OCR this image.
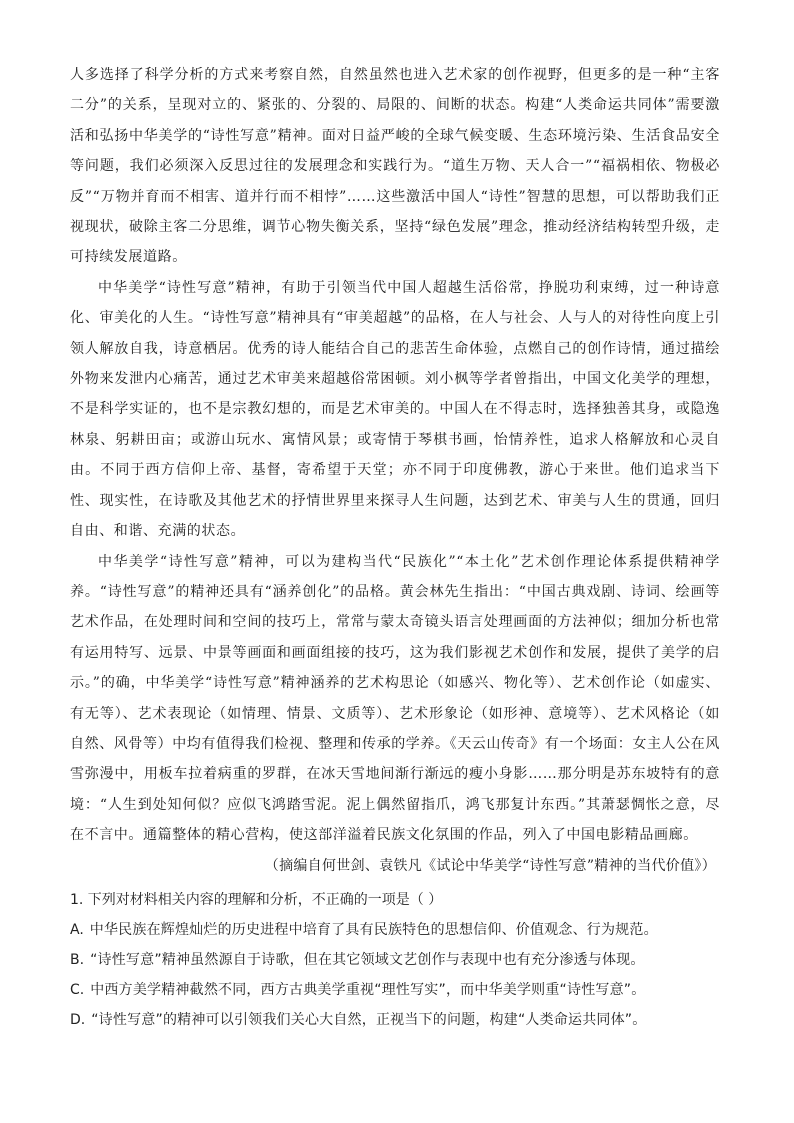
人多选择了科学分析的方式来考察自然，自然虽然也进入艺术家的创作视野，但更多的是一种“主客二分”的关系，呈现对立的、紧张的、分裂的、局限的、间断的状态。构建“人类命运共同体”需要激活和弘扬中华美学的“诗性写意”精神。面对日益严峻的全球气候变暖、生态环境污染、生活食品安全等问题，我们必须深入反思过往的发展理念和实践行为。“道生万物、天人合一”“福祸相依、物极必反”“万物并育而不相害、道并行而不相悖”……这些激活中国人“诗性”智慧的思想，可以帮助我们正视现状，破除主客二分思维，调节心物失衡关系，坚持“绿色发展”理念，推动经济结构转型升级，走可持续发展道路。

中华美学“诗性写意”精神，有助于引领当代中国人超越生活俗常，挣脱功利束缚，过一种诗意化、审美化的人生。“诗性写意”精神具有“审美超越”的品格，在人与社会、人与人的对待性向度上引领人解放自我，诗意栖居。优秀的诗人能结合自己的悲苦生命体验，点燃自己的创作诗情，通过描绘外物来发泄内心痛苦，通过艺术审美来超越俗常困顿。刘小枫等学者曾指出，中国文化美学的理想，不是科学实证的，也不是宗教幻想的，而是艺术审美的。中国人在不得志时，选择独善其身，或隐逸林泉、躬耕田亩；或游山玩水、寓情风景；或寄情于琴棋书画，怡情养性，追求人格解放和心灵自由。不同于西方信仰上帝、基督，寄希望于天堂；亦不同于印度佛教，游心于来世。他们追求当下性、现实性，在诗歌及其他艺术的抒情世界里来探寻人生问题，达到艺术、审美与人生的贯通，回归自由、和谐、充满的状态。

中华美学“诗性写意”精神，可以为建构当代“民族化”“本土化”艺术创作理论体系提供精神学养。“诗性写意”的精神还具有“涵养创化”的品格。黄会林先生指出：“中国古典戏剧、诗词、绘画等艺术作品，在处理时间和空间的技巧上，常常与蒙太奇镜头语言处理画面的方法神似；细加分析也常有运用特写、远景、中景等画面和画面组接的技巧，这为我们影视艺术创作和发展，提供了美学的启示。”的确，中华美学“诗性写意”精神涵养的艺术构思论（如感兴、物化等）、艺术创作论（如虚实、有无等）、艺术表现论（如情理、情景、文质等）、艺术形象论（如形神、意境等）、艺术风格论（如自然、风骨等）中均有值得我们检视、整理和传承的学养。《天云山传奇》有一个场面：女主人公在风雪弥漫中，用板车拉着病重的罗群，在冰天雪地间渐行渐远的瘦小身影……那分明是苏东坡特有的意境：“人生到处知何似？应似飞鸿踏雪泥。泥上偶然留指爪，鸿飞那复计东西。”其萧瑟惆怅之意，尽在不言中。通篇整体的精心营构，使这部洋溢着民族文化氛围的作品，列入了中国电影精品画廊。

（摘编自何世剑、袁铁凡《试论中华美学“诗性写意”精神的当代价值》）

1. 下列对材料相关内容的理解和分析，不正确的一项是（ ）

A. 中华民族在辉煌灿烂的历史进程中培育了具有民族特色的思想信仰、价值观念、行为规范。

B. “诗性写意”精神虽然源自于诗歌，但在其它领域文艺创作与表现中也有充分渗透与体现。

C. 中西方美学精神截然不同，西方古典美学重视“理性写实”，而中华美学则重“诗性写意”。

D. “诗性写意”的精神可以引领我们关心大自然，正视当下的问题，构建“人类命运共同体”。
